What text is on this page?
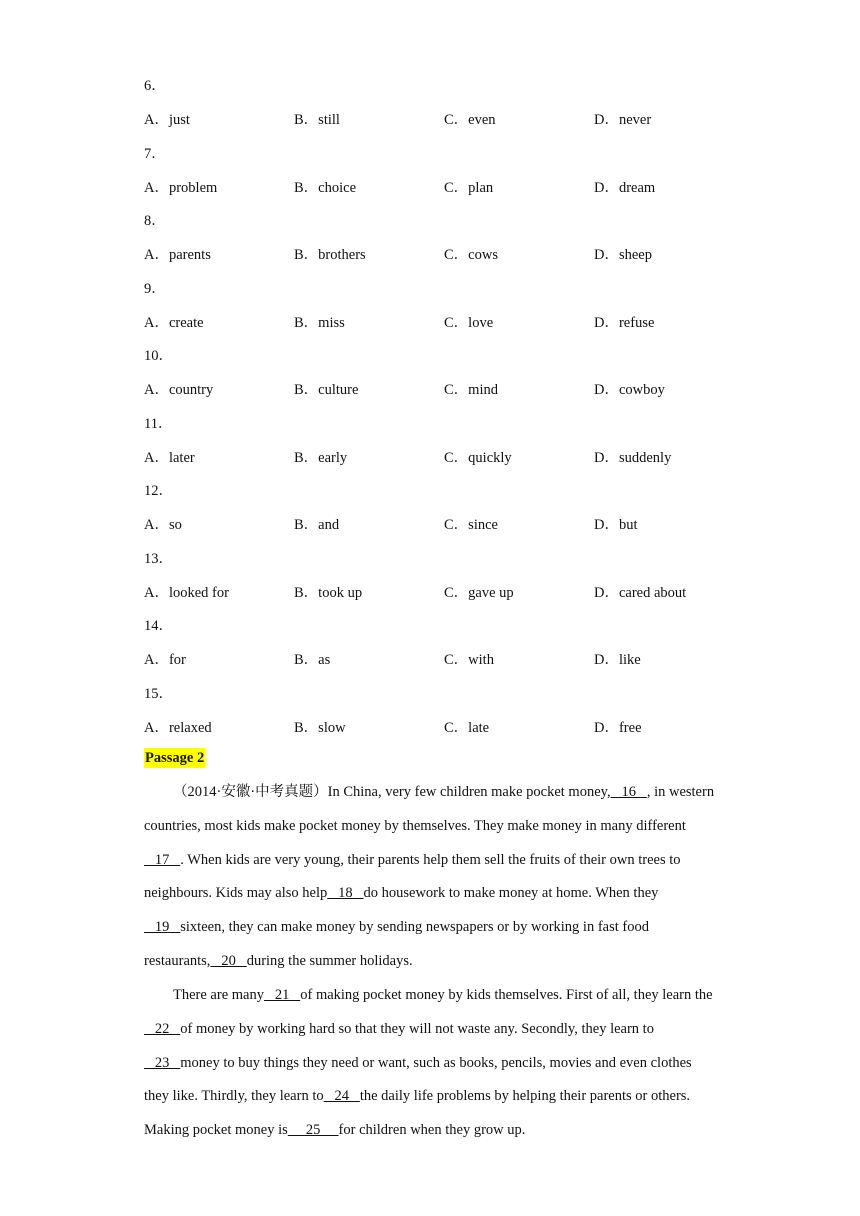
6．
A．just	B．still	C．even	D．never
7．
A．problem	B．choice	C．plan	D．dream
8．
A．parents	B．brothers	C．cows	D．sheep
9．
A．create	B．miss	C．love	D．refuse
10．
A．country	B．culture	C．mind	D．cowboy
11．
A．later	B．early	C．quickly	D．suddenly
12．
A．so	B．and	C．since	D．but
13．
A．looked for	B．took up	C．gave up	D．cared about
14．
A．for	B．as	C．with	D．like
15．
A．relaxed	B．slow	C．late	D．free
Passage 2
（2014·安徽·中考真题）In China, very few children make pocket money,   16   , in western countries, most kids make pocket money by themselves. They make money in many different   17   . When kids are very young, their parents help them sell the fruits of their own trees to neighbours. Kids may also help   18   do housework to make money at home. When they   19   sixteen, they can make money by sending newspapers or by working in fast food restaurants,   20   during the summer holidays.
There are many   21   of making pocket money by kids themselves. First of all, they learn the   22   of money by working hard so that they will not waste any. Secondly, they learn to   23   money to buy things they need or want, such as books, pencils, movies and even clothes they like. Thirdly, they learn to   24   the daily life problems by helping their parents or others. Making pocket money is     25     for children when they grow up.
